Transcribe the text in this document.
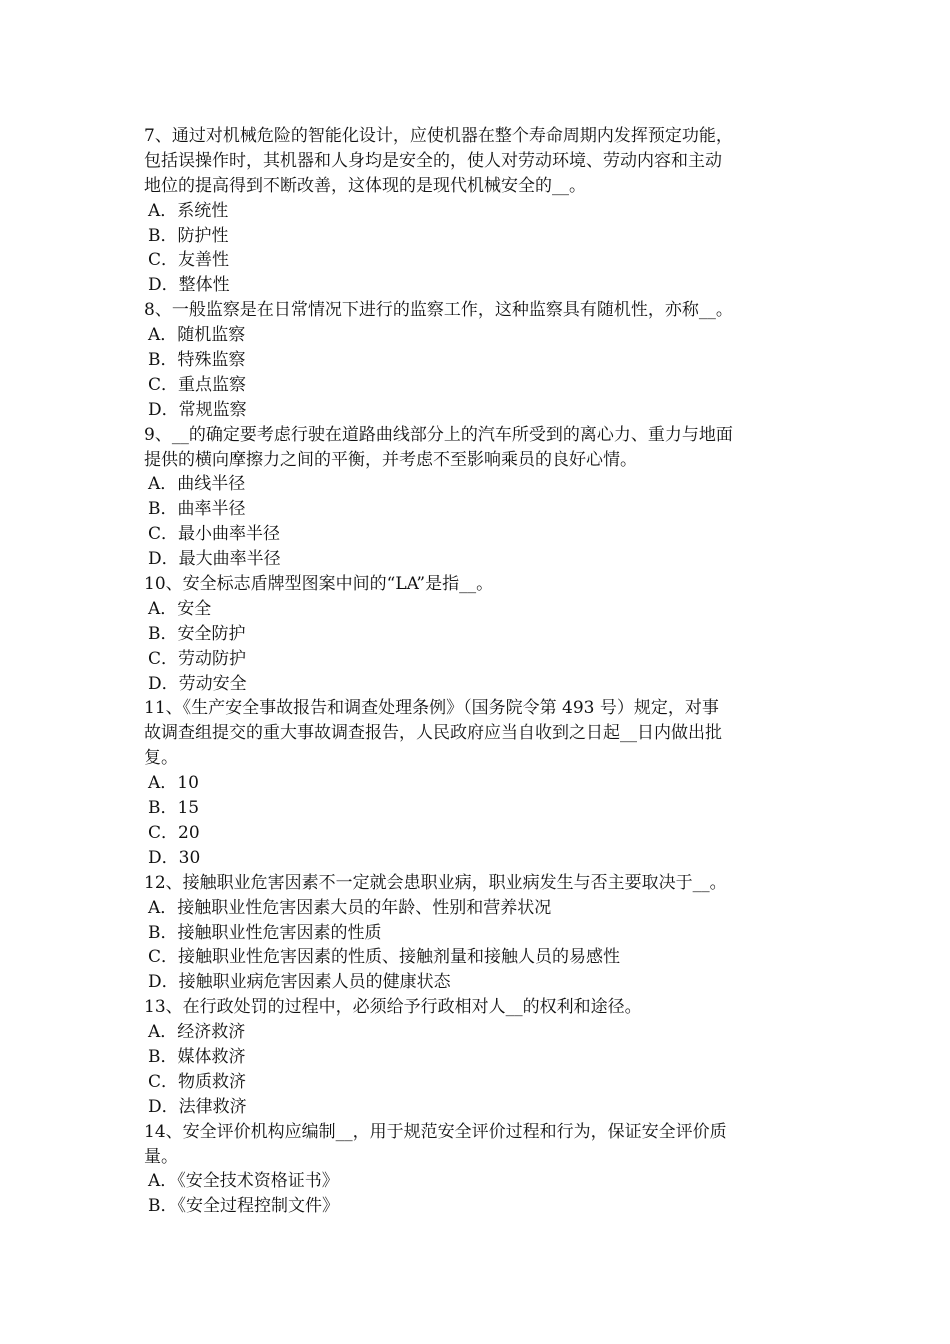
7、通过对机械危险的智能化设计，应使机器在整个寿命周期内发挥预定功能，
包括误操作时，其机器和人身均是安全的，使人对劳动环境、劳动内容和主动
地位的提高得到不断改善，这体现的是现代机械安全的__。
A．系统性
B．防护性
C．友善性
D．整体性
8、一般监察是在日常情况下进行的监察工作，这种监察具有随机性，亦称__。
A．随机监察
B．特殊监察
C．重点监察
D．常规监察
9、__的确定要考虑行驶在道路曲线部分上的汽车所受到的离心力、重力与地面
提供的横向摩擦力之间的平衡，并考虑不至影响乘员的良好心情。
A．曲线半径
B．曲率半径
C．最小曲率半径
D．最大曲率半径
10、安全标志盾牌型图案中间的“LA”是指__。
A．安全
B．安全防护
C．劳动防护
D．劳动安全
11、《生产安全事故报告和调查处理条例》（国务院令第 493 号）规定，对事
故调查组提交的重大事故调查报告，人民政府应当自收到之日起__日内做出批
复。
A．10
B．15
C．20
D．30
12、接触职业危害因素不一定就会患职业病，职业病发生与否主要取决于__。
A．接触职业性危害因素大员的年龄、性别和营养状况
B．接触职业性危害因素的性质
C．接触职业性危害因素的性质、接触剂量和接触人员的易感性
D．接触职业病危害因素人员的健康状态
13、在行政处罚的过程中，必须给予行政相对人__的权利和途径。
A．经济救济
B．媒体救济
C．物质救济
D．法律救济
14、安全评价机构应编制__，用于规范安全评价过程和行为，保证安全评价质
量。
A．《安全技术资格证书》
B．《安全过程控制文件》
